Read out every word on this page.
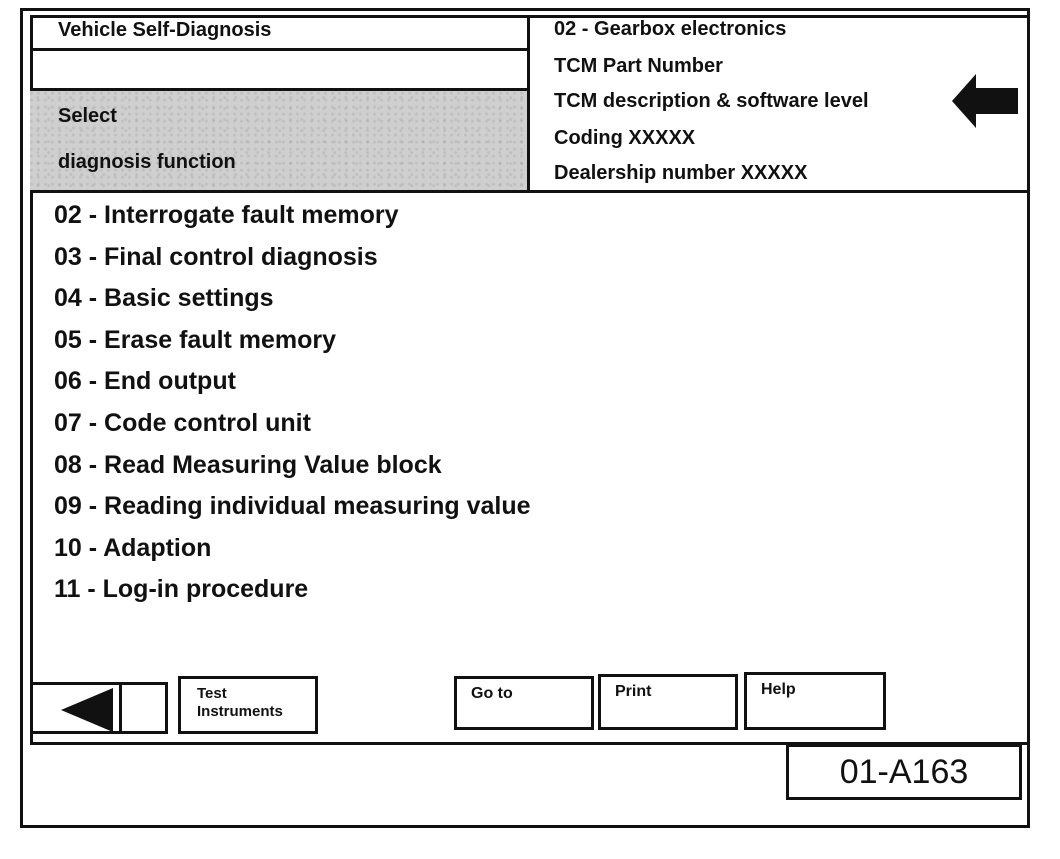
Vehicle Self-Diagnosis
Select
diagnosis function
02 - Gearbox electronics
TCM Part Number
TCM description & software level
Coding XXXXX
Dealership number XXXXX
02 - Interrogate fault memory
03 - Final control diagnosis
04 - Basic settings
05 - Erase fault memory
06 - End output
07 - Code control unit
08 - Read Measuring Value block
09 - Reading individual measuring value
10 - Adaption
11 - Log-in procedure
Test
Instruments
Go to	Print	Help
01-A163
